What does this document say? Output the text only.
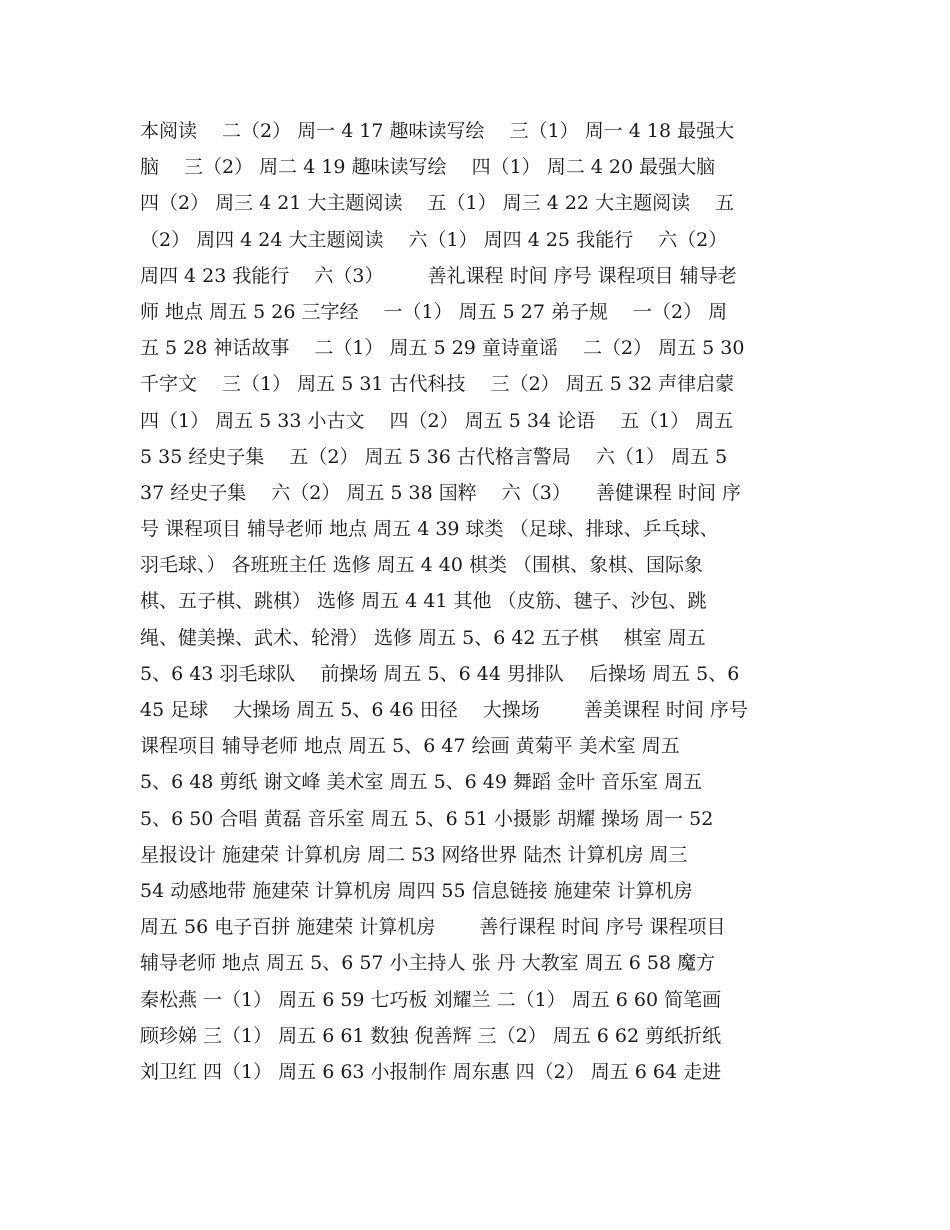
本阅读　 二（2） 周一 4 17 趣味读写绘 　三（1） 周一 4 18 最强大
脑 　三（2） 周二 4 19 趣味读写绘 　四（1） 周二 4 20 最强大脑
四（2） 周三 4 21 大主题阅读 　五（1） 周三 4 22 大主题阅读 　五
（2） 周四 4 24 大主题阅读 　六（1） 周四 4 25 我能行 　六（2）
周四 4 23 我能行 　六（3） 　　善礼课程 时间 序号 课程项目 辅导老
师 地点 周五 5 26 三字经 　一（1） 周五 5 27 弟子规 　一（2） 周
五 5 28 神话故事 　二（1） 周五 5 29 童诗童谣 　二（2） 周五 5 30
千字文 　三（1） 周五 5 31 古代科技 　三（2） 周五 5 32 声律启蒙
四（1） 周五 5 33 小古文 　四（2） 周五 5 34 论语 　五（1） 周五
5 35 经史子集 　五（2） 周五 5 36 古代格言警局 　六（1） 周五 5
37 经史子集 　六（2） 周五 5 38 国粹 　六（3） 　善健课程 时间 序
号 课程项目 辅导老师 地点 周五 4 39 球类 （足球、排球、乒乓球、
羽毛球、） 各班班主任 选修 周五 4 40 棋类 （围棋、象棋、国际象
棋、五子棋、跳棋） 选修 周五 4 41 其他 （皮筋、毽子、沙包、跳
绳、健美操、武术、轮滑） 选修 周五 5、6 42 五子棋 　棋室 周五
5、6 43 羽毛球队 　前操场 周五 5、6 44 男排队 　后操场 周五 5、6
45 足球 　大操场 周五 5、6 46 田径 　大操场 　　善美课程 时间 序号
课程项目 辅导老师 地点 周五 5、6 47 绘画 黄菊平 美术室 周五
5、6 48 剪纸 谢文峰 美术室 周五 5、6 49 舞蹈 金叶 音乐室 周五
5、6 50 合唱 黄磊 音乐室 周五 5、6 51 小摄影 胡耀 操场 周一 52
星报设计 施建荣 计算机房 周二 53 网络世界 陆杰 计算机房 周三
54 动感地带 施建荣 计算机房 周四 55 信息链接 施建荣 计算机房
周五 56 电子百拼 施建荣 计算机房 　　善行课程 时间 序号 课程项目
辅导老师 地点 周五 5、6 57 小主持人 张 丹 大教室 周五 6 58 魔方
秦松燕 一（1） 周五 6 59 七巧板 刘耀兰 二（1） 周五 6 60 简笔画
顾珍娣 三（1） 周五 6 61 数独 倪善辉 三（2） 周五 6 62 剪纸折纸
刘卫红 四（1） 周五 6 63 小报制作 周东惠 四（2） 周五 6 64 走进
